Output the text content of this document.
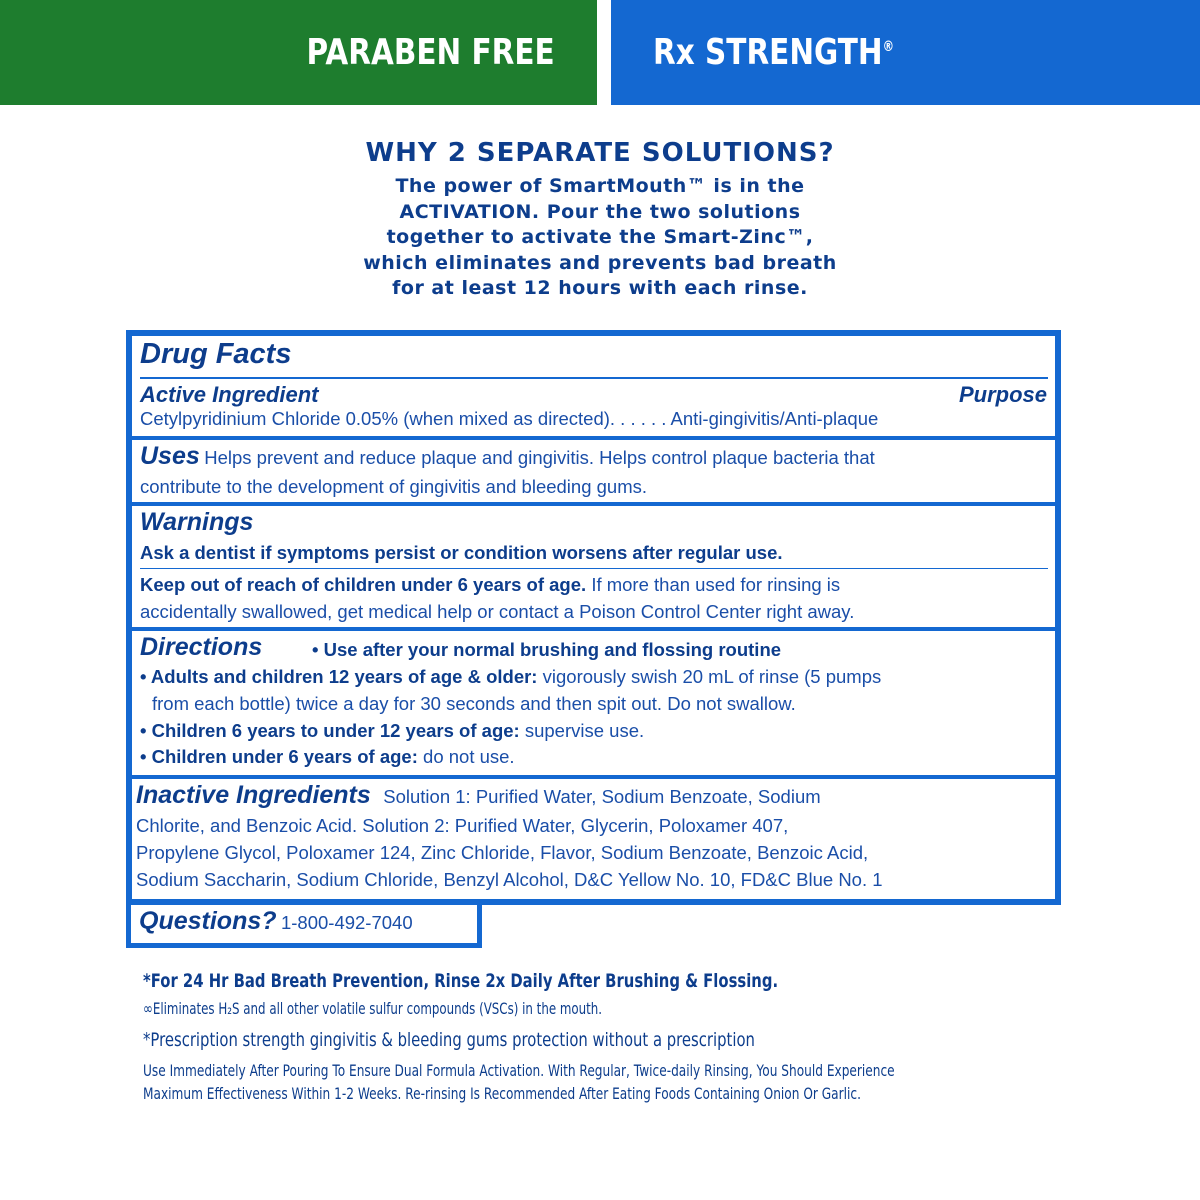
PARABEN FREE	Rx STRENGTH®
WHY 2 SEPARATE SOLUTIONS?
The power of SmartMouth™ is in the
ACTIVATION. Pour the two solutions
together to activate the Smart-Zinc™,
which eliminates and prevents bad breath
for at least 12 hours with each rinse.
Drug Facts
Active Ingredient	Purpose
Cetylpyridinium Chloride 0.05% (when mixed as directed). . . . . . Anti-gingivitis/Anti-plaque
Uses Helps prevent and reduce plaque and gingivitis. Helps control plaque bacteria that
contribute to the development of gingivitis and bleeding gums.
Warnings
Ask a dentist if symptoms persist or condition worsens after regular use.
Keep out of reach of children under 6 years of age. If more than used for rinsing is
accidentally swallowed, get medical help or contact a Poison Control Center right away.
Directions	• Use after your normal brushing and flossing routine
• Adults and children 12 years of age & older: vigorously swish 20 mL of rinse (5 pumps
from each bottle) twice a day for 30 seconds and then spit out. Do not swallow.
• Children 6 years to under 12 years of age: supervise use.
• Children under 6 years of age: do not use.
Inactive Ingredients Solution 1: Purified Water, Sodium Benzoate, Sodium
Chlorite, and Benzoic Acid. Solution 2: Purified Water, Glycerin, Poloxamer 407,
Propylene Glycol, Poloxamer 124, Zinc Chloride, Flavor, Sodium Benzoate, Benzoic Acid,
Sodium Saccharin, Sodium Chloride, Benzyl Alcohol, D&C Yellow No. 10, FD&C Blue No. 1
Questions? 1-800-492-7040
*For 24 Hr Bad Breath Prevention, Rinse 2x Daily After Brushing & Flossing.
∞Eliminates H₂S and all other volatile sulfur compounds (VSCs) in the mouth.
*Prescription strength gingivitis & bleeding gums protection without a prescription
Use Immediately After Pouring To Ensure Dual Formula Activation. With Regular, Twice-daily Rinsing, You Should Experience
Maximum Effectiveness Within 1-2 Weeks. Re-rinsing Is Recommended After Eating Foods Containing Onion Or Garlic.
